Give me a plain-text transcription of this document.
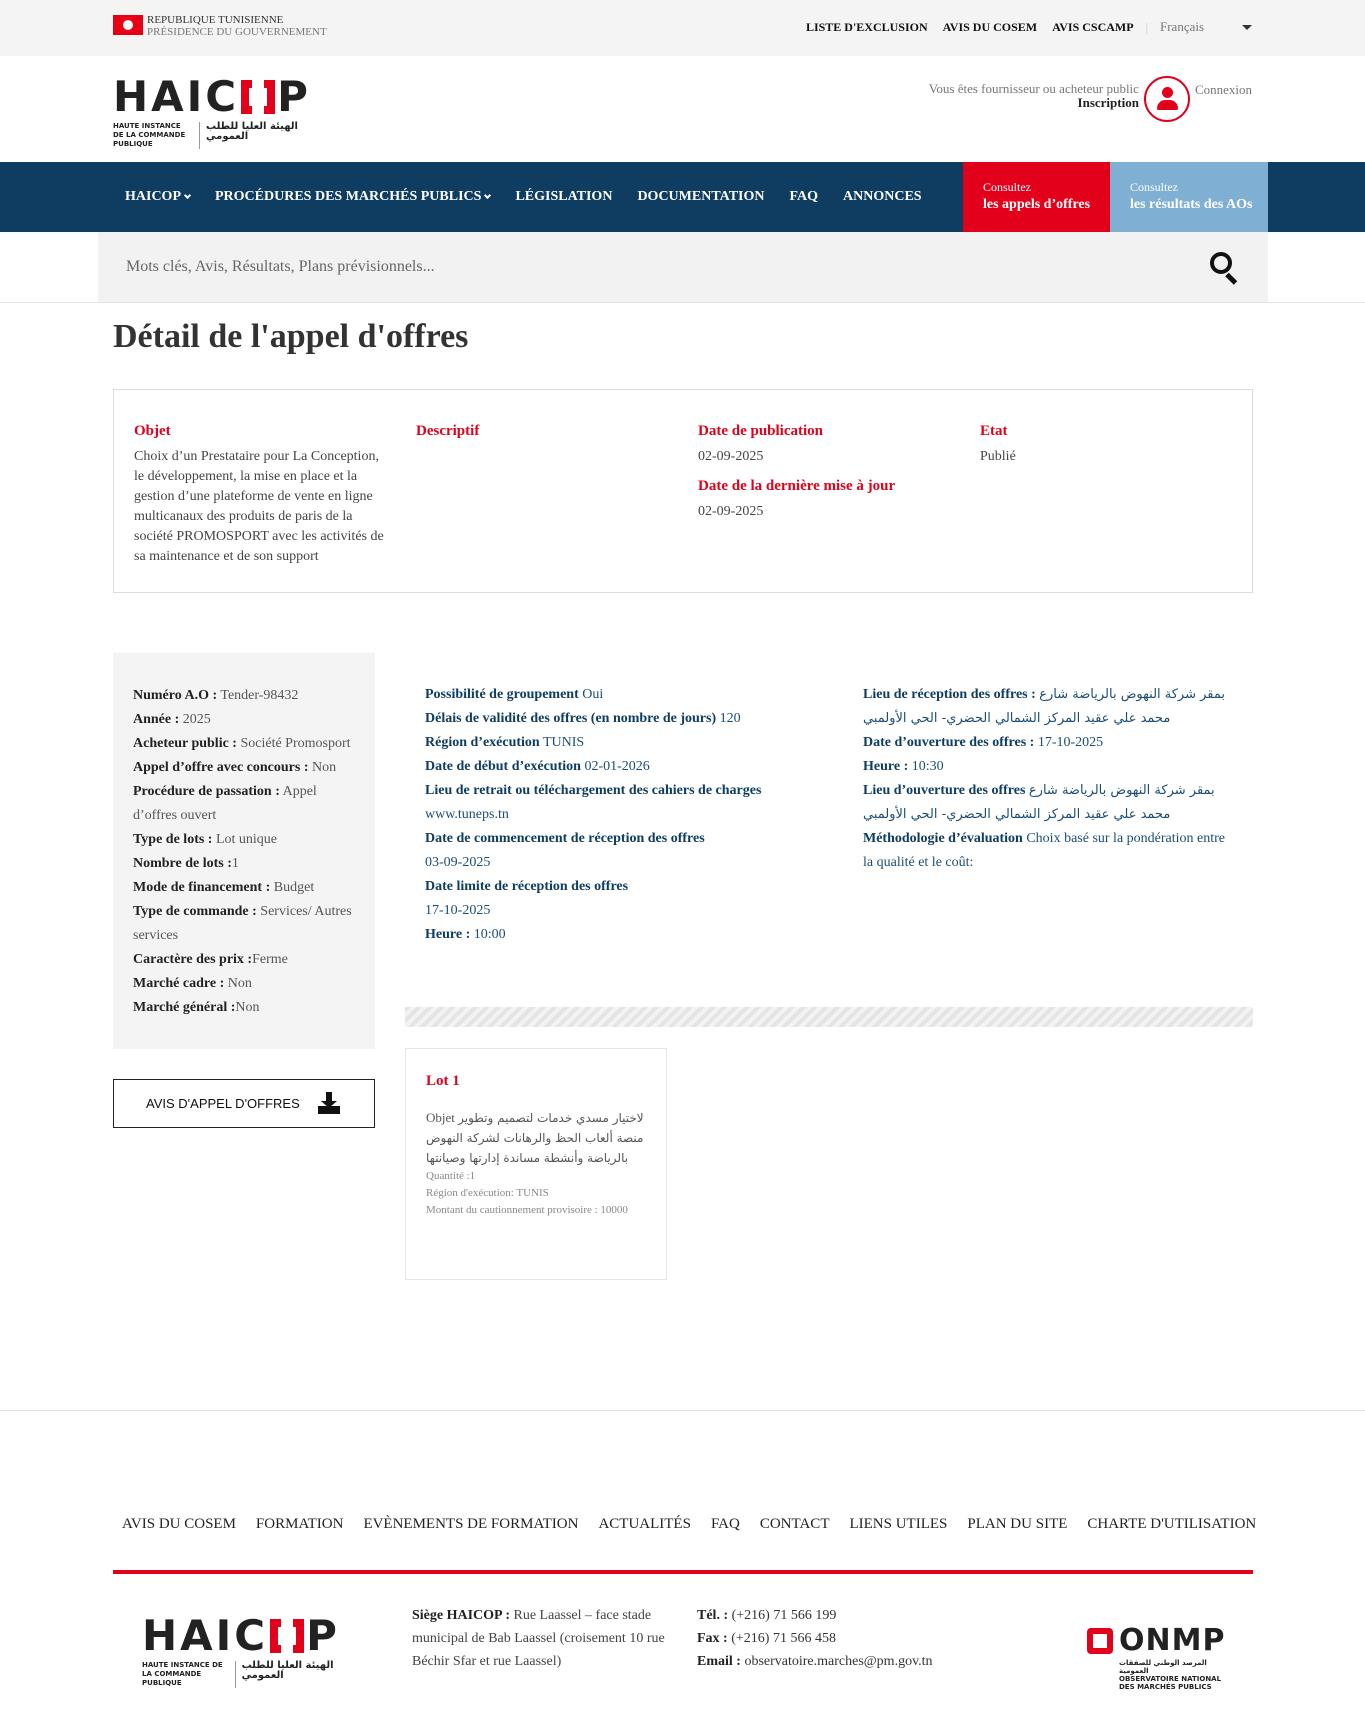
REPUBLIQUE TUNISIENNE
PRÉSIDENCE DU GOUVERNEMENT	LISTE D'EXCLUSION AVIS DU COSEM AVIS CSCAMP | Français
HAIC P
HAUTE INSTANCE DE LA COMMANDE PUBLIQUE
الهيئة العليا للطلب العمومي
Vous êtes fournisseur ou acheteur public
Inscription
Connexion
HAICOP PROCÉDURES DES MARCHÉS PUBLICS LÉGISLATION DOCUMENTATION FAQ ANNONCES
Consultez
les appels d’offres
Consultez
les résultats des AOs
Mots clés, Avis, Résultats, Plans prévisionnels...
Détail de l'appel d'offres
Objet
Choix d’un Prestataire pour La Conception, le développement, la mise en place et la gestion d’une plateforme de vente en ligne multicanaux des produits de paris de la société PROMOSPORT avec les activités de sa maintenance et de son support
Descriptif	Date de publication
02-09-2025
Date de la dernière mise à jour
02-09-2025
Etat
Publié

Numéro A.O : Tender-98432

Année : 2025

Acheteur public : Société Promosport

Appel d’offre avec concours : Non

Procédure de passation : Appel d’offres ouvert

Type de lots : Lot unique

Nombre de lots :1

Mode de financement : Budget

Type de commande : Services/ Autres services

Caractère des prix :Ferme

Marché cadre : Non

Marché général :Non

Possibilité de groupement Oui

Délais de validité des offres (en nombre de jours) 120

Région d’exécution TUNIS

Date de début d’exécution 02-01-2026

Lieu de retrait ou téléchargement des cahiers de charges

www.tuneps.tn

Date de commencement de réception des offres

03-09-2025

Date limite de réception des offres

17-10-2025

Heure : 10:00

Lieu de réception des offres : بمقر شركة النهوض بالرياضة شارع محمد علي عقيد المركز الشمالي الحضري- الحي الأولمبي

Date d’ouverture des offres : 17-10-2025

Heure : 10:30

Lieu d’ouverture des offres بمقر شركة النهوض بالرياضة شارع محمد علي عقيد المركز الشمالي الحضري- الحي الأولمبي

Méthodologie d’évaluation Choix basé sur la pondération entre la qualité et le coût:

AVIS D'APPEL D'OFFRES
Lot 1
Objet لاختيار مسدي خدمات لتصميم وتطوير منصة ألعاب الحظ والرهانات لشركة النهوض بالرياضة وأنشطة مساندة إدارتها وصيانتها
Quantité :1
Région d'exécution: TUNIS
Montant du cautionnement provisoire : 10000
AVIS DU COSEM FORMATION EVÈNEMENTS DE FORMATION ACTUALITÉS FAQ CONTACT LIENS UTILES PLAN DU SITE CHARTE D'UTILISATION
HAIC P
HAUTE INSTANCE DE LA COMMANDE PUBLIQUE
الهيئة العليا للطلب العمومي
Siège HAICOP : Rue Laassel – face stade municipal de Bab Laassel (croisement 10 rue Béchir Sfar et rue Laassel)
Tél. : (+216) 71 566 199
Fax : (+216) 71 566 458
Email : observatoire.marches@pm.gov.tn
ONMP
المرصد الوطني للصفقات العمومية
OBSERVATOIRE NATIONAL DES MARCHÉS PUBLICS
